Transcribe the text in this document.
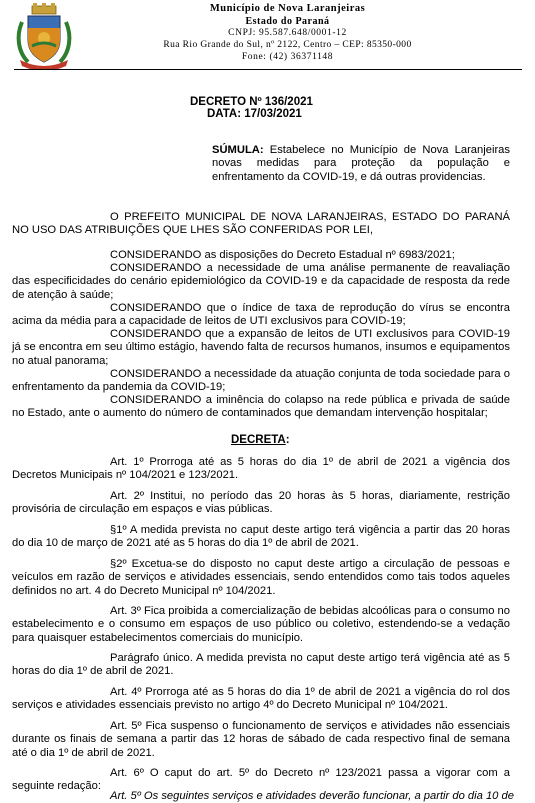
Município de Nova Laranjeiras
Estado do Paraná
CNPJ: 95.587.648/0001-12
Rua Rio Grande do Sul, nº 2122, Centro – CEP: 85350-000
Fone: (42) 36371148
DECRETO Nº 136/2021
DATA: 17/03/2021
SÚMULA: Estabelece no Município de Nova Laranjeiras novas medidas para proteção da população e enfrentamento da COVID-19, e dá outras providencias.
O PREFEITO MUNICIPAL DE NOVA LARANJEIRAS, ESTADO DO PARANÁ NO USO DAS ATRIBUIÇÕES QUE LHES SÃO CONFERIDAS POR LEI,
CONSIDERANDO as disposições do Decreto Estadual nº 6983/2021;
CONSIDERANDO a necessidade de uma análise permanente de reavaliação das especificidades do cenário epidemiológico da COVID-19 e da capacidade de resposta da rede de atenção à saúde;
CONSIDERANDO que o índice de taxa de reprodução do vírus se encontra acima da média para a capacidade de leitos de UTI exclusivos para COVID-19;
CONSIDERANDO que a expansão de leitos de UTI exclusivos para COVID-19 já se encontra em seu último estágio, havendo falta de recursos humanos, insumos e equipamentos no atual panorama;
CONSIDERANDO a necessidade da atuação conjunta de toda sociedade para o enfrentamento da pandemia da COVID-19;
CONSIDERANDO a iminência do colapso na rede pública e privada de saúde no Estado, ante o aumento do número de contaminados que demandam intervenção hospitalar;
DECRETA:
Art. 1º Prorroga até as 5 horas do dia 1º de abril de 2021 a vigência dos Decretos Municipais nº 104/2021 e 123/2021.
Art. 2º Institui, no período das 20 horas às 5 horas, diariamente, restrição provisória de circulação em espaços e vias públicas.
§1º A medida prevista no caput deste artigo terá vigência a partir das 20 horas do dia 10 de março de 2021 até as 5 horas do dia 1º de abril de 2021.
§2º Excetua-se do disposto no caput deste artigo a circulação de pessoas e veículos em razão de serviços e atividades essenciais, sendo entendidos como tais todos aqueles definidos no art. 4 do Decreto Municipal nº 104/2021.
Art. 3º Fica proibida a comercialização de bebidas alcoólicas para o consumo no estabelecimento e o consumo em espaços de uso público ou coletivo, estendendo-se a vedação para quaisquer estabelecimentos comerciais do município.
Parágrafo único. A medida prevista no caput deste artigo terá vigência até as 5 horas do dia 1º de abril de 2021.
Art. 4º Prorroga até as 5 horas do dia 1º de abril de 2021 a vigência do rol dos serviços e atividades essenciais previsto no artigo 4º do Decreto Municipal nº 104/2021.
Art. 5º Fica suspenso o funcionamento de serviços e atividades não essenciais durante os finais de semana a partir das 12 horas de sábado de cada respectivo final de semana até o dia 1º de abril de 2021.
Art. 6º O caput do art. 5º do Decreto nº 123/2021 passa a vigorar com a seguinte redação:
Art. 5º Os seguintes serviços e atividades deverão funcionar, a partir do dia 10 de
